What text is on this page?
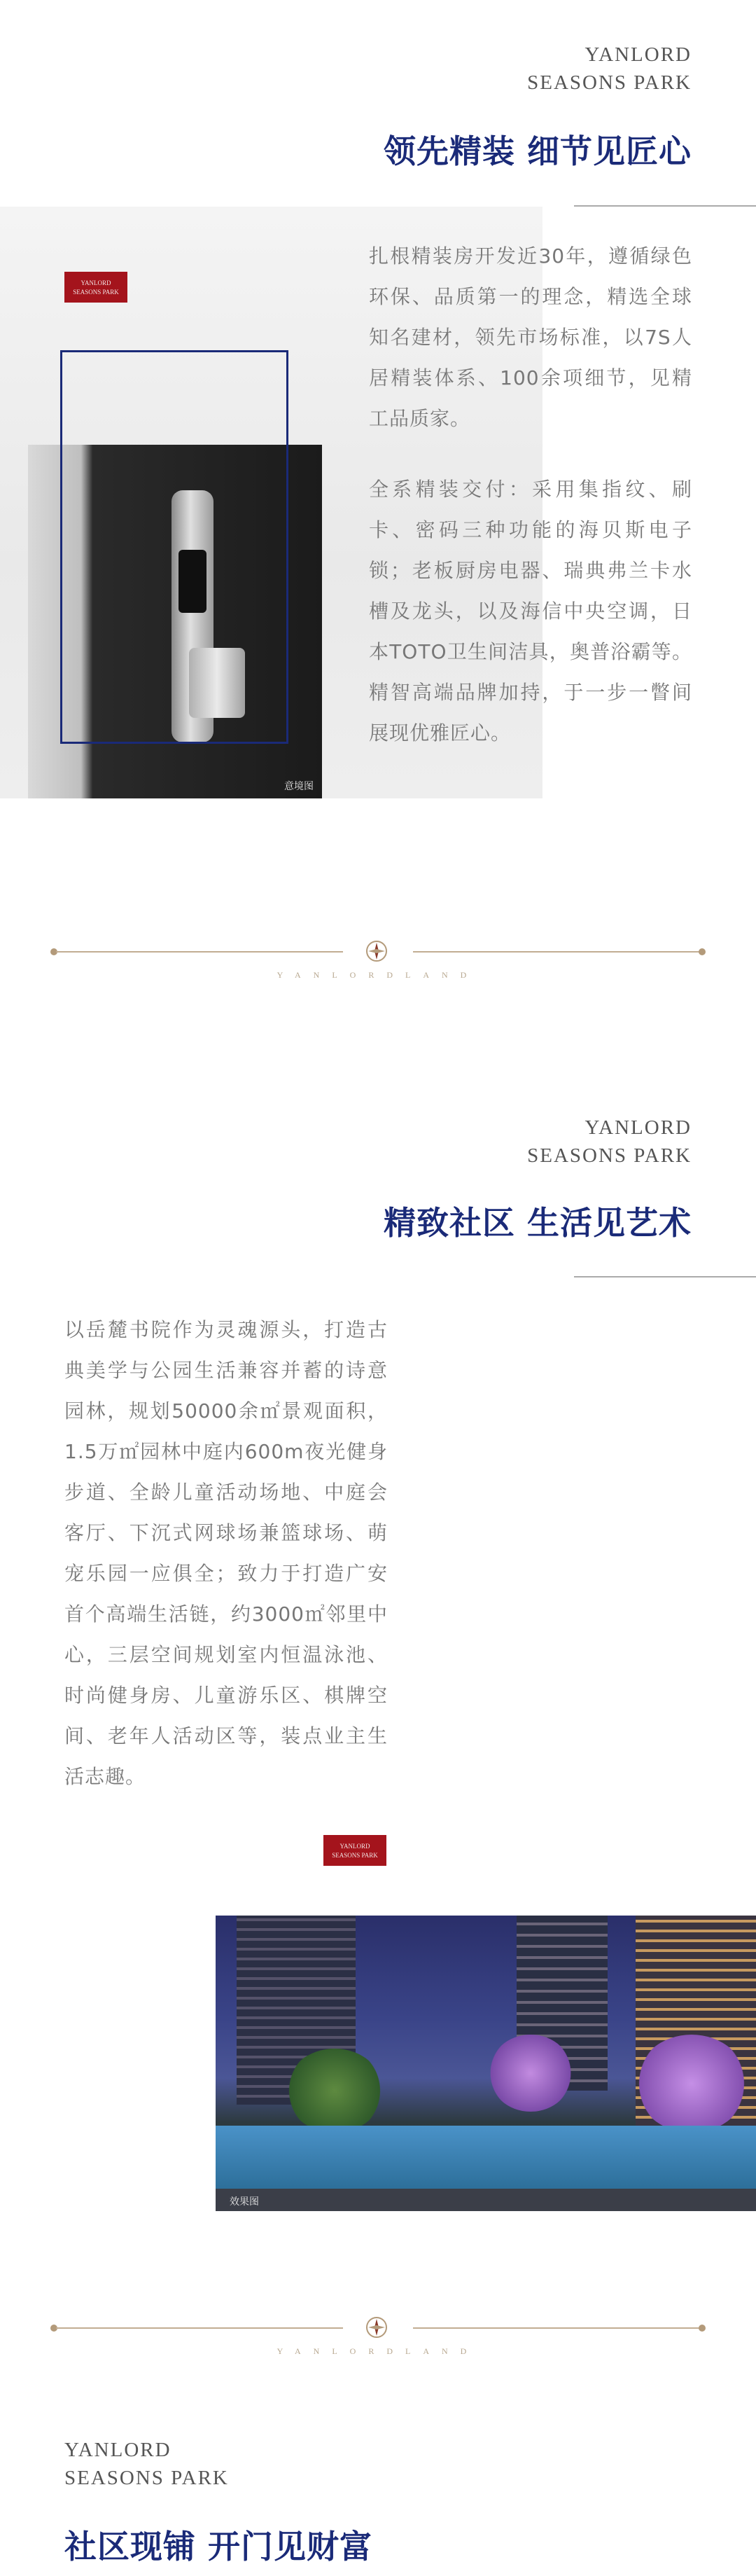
YANLORD
SEASONS PARK
领先精装 细节见匠心
意境图
YANLORD
SEASONS PARK

扎根精装房开发近30年，遵循绿色环保、品质第一的理念，精选全球知名建材，领先市场标准，以7S人居精装体系、100余项细节，见精工品质家。

全系精装交付：采用集指纹、刷卡、密码三种功能的海贝斯电子锁；老板厨房电器、瑞典弗兰卡水槽及龙头，以及海信中央空调，日本TOTO卫生间洁具，奥普浴霸等。精智高端品牌加持，于一步一瞥间展现优雅匠心。

YANLORDLAND
YANLORD
SEASONS PARK
精致社区 生活见艺术

以岳麓书院作为灵魂源头，打造古典美学与公园生活兼容并蓄的诗意园林，规划50000余㎡景观面积，1.5万㎡园林中庭内600m夜光健身步道、全龄儿童活动场地、中庭会客厅、下沉式网球场兼篮球场、萌宠乐园一应俱全；致力于打造广安首个高端生活链，约3000㎡邻里中心，三层空间规划室内恒温泳池、时尚健身房、儿童游乐区、棋牌空间、老年人活动区等，装点业主生活志趣。

YANLORD
SEASONS PARK
效果图
YANLORDLAND
YANLORD
SEASONS PARK
社区现铺 开门见财富
